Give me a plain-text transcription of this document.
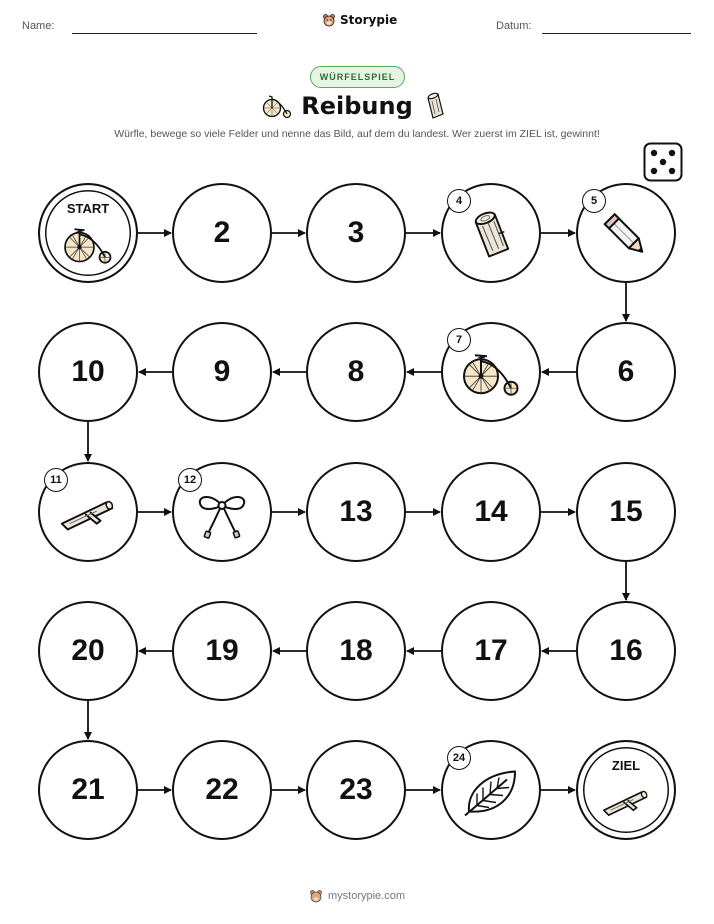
Name:	Storypie	Datum:
WÜRFELSPIEL
Reibung
Würfle, bewege so viele Felder und nenne das Bild, auf dem du landest. Wer zuerst im ZIEL ist, gewinnt!
START
2	3
4	5
6
7
8
9
10
11	12
13	14	15
16
17
18
19
20
21	22	23
24	ZIEL
mystorypie.com
